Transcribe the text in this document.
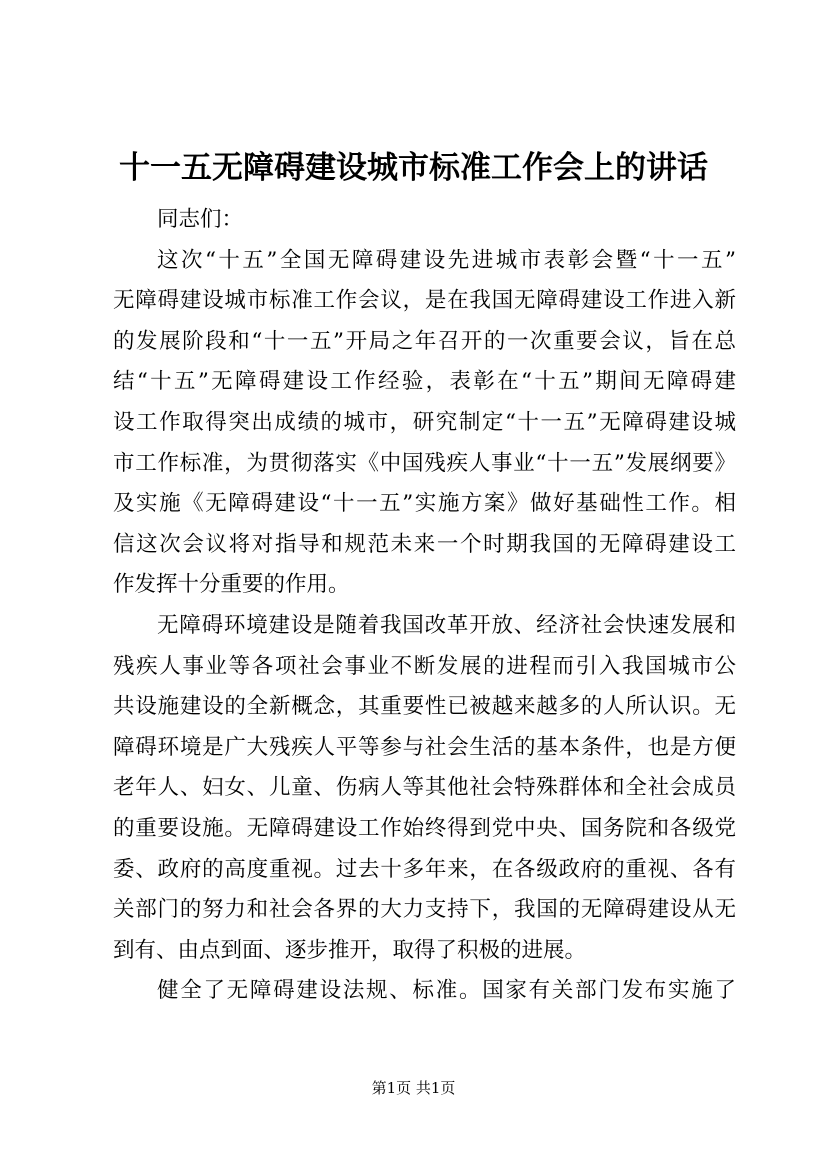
十一五无障碍建设城市标准工作会上的讲话
同志们：
这次“十五”全国无障碍建设先进城市表彰会暨“十一五”
无障碍建设城市标准工作会议，是在我国无障碍建设工作进入新
的发展阶段和“十一五”开局之年召开的一次重要会议，旨在总
结“十五”无障碍建设工作经验，表彰在“十五”期间无障碍建
设工作取得突出成绩的城市，研究制定“十一五”无障碍建设城
市工作标准，为贯彻落实《中国残疾人事业“十一五”发展纲要》
及实施《无障碍建设“十一五”实施方案》做好基础性工作。相
信这次会议将对指导和规范未来一个时期我国的无障碍建设工
作发挥十分重要的作用。
无障碍环境建设是随着我国改革开放、经济社会快速发展和
残疾人事业等各项社会事业不断发展的进程而引入我国城市公
共设施建设的全新概念，其重要性已被越来越多的人所认识。无
障碍环境是广大残疾人平等参与社会生活的基本条件，也是方便
老年人、妇女、儿童、伤病人等其他社会特殊群体和全社会成员
的重要设施。无障碍建设工作始终得到党中央、国务院和各级党
委、政府的高度重视。过去十多年来，在各级政府的重视、各有
关部门的努力和社会各界的大力支持下，我国的无障碍建设从无
到有、由点到面、逐步推开，取得了积极的进展。
健全了无障碍建设法规、标准。国家有关部门发布实施了
第1页 共1页
